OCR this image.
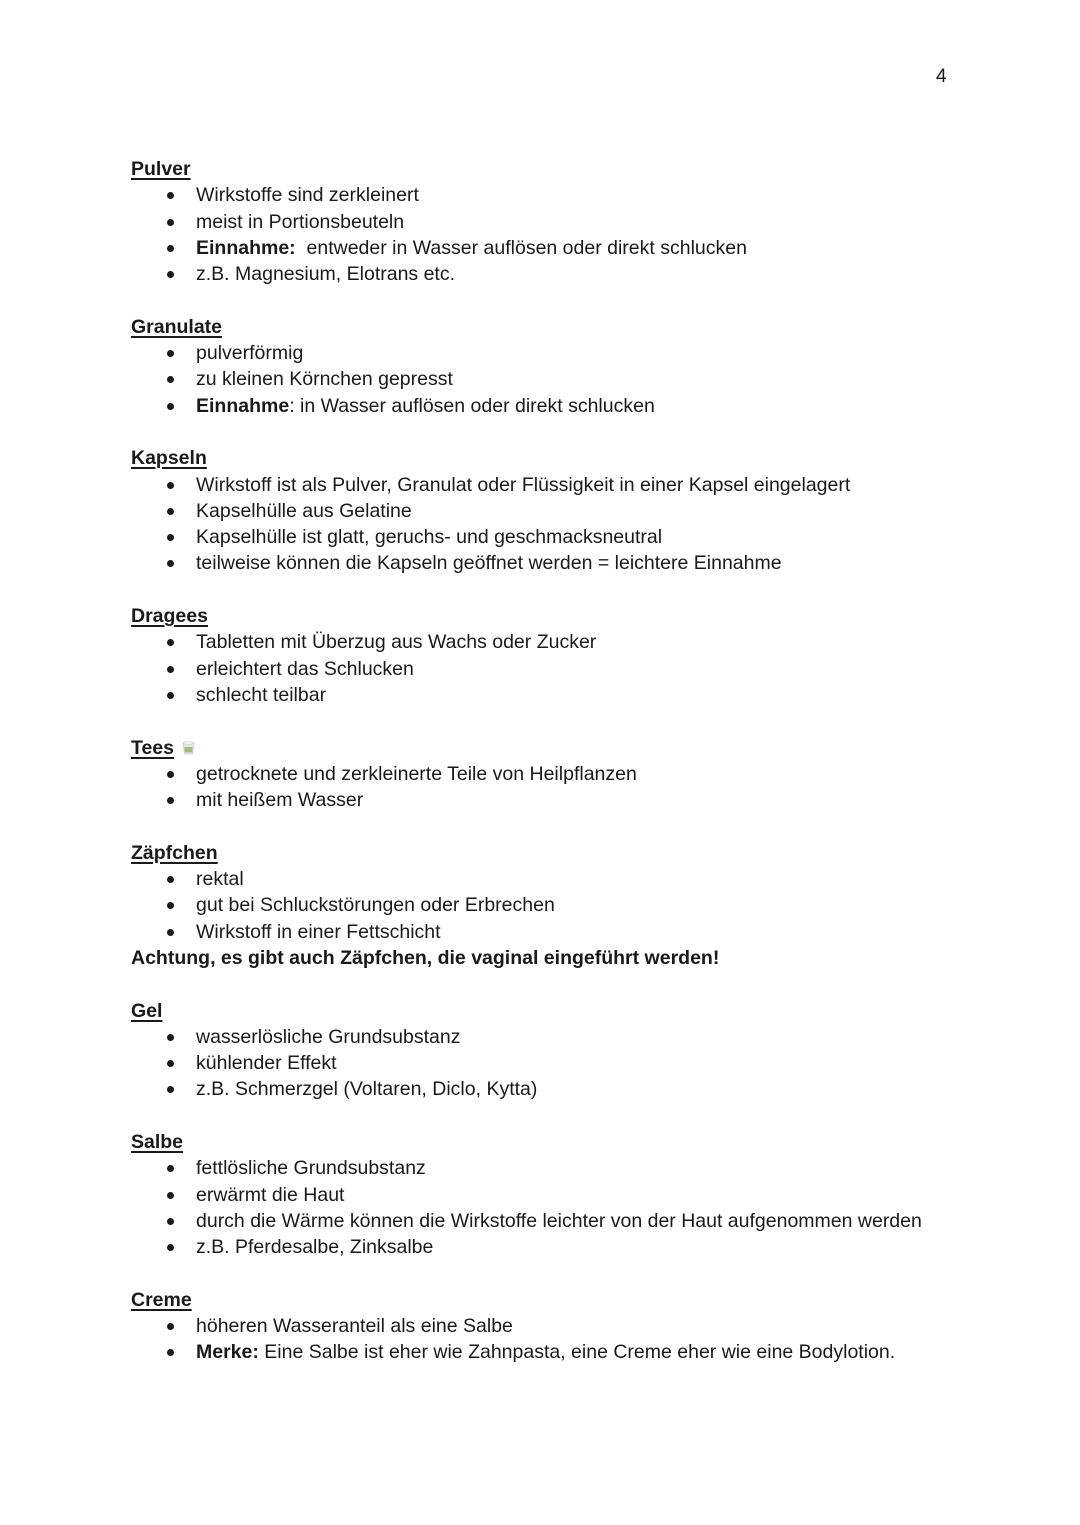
4
Pulver
Wirkstoffe sind zerkleinert
meist in Portionsbeuteln
Einnahme:  entweder in Wasser auflösen oder direkt schlucken
z.B. Magnesium, Elotrans etc.
Granulate
pulverförmig
zu kleinen Körnchen gepresst
Einnahme: in Wasser auflösen oder direkt schlucken
Kapseln
Wirkstoff ist als Pulver, Granulat oder Flüssigkeit in einer Kapsel eingelagert
Kapselhülle aus Gelatine
Kapselhülle ist glatt, geruchs- und geschmacksneutral
teilweise können die Kapseln geöffnet werden = leichtere Einnahme
Dragees
Tabletten mit Überzug aus Wachs oder Zucker
erleichtert das Schlucken
schlecht teilbar
Tees
getrocknete und zerkleinerte Teile von Heilpflanzen
mit heißem Wasser
Zäpfchen
rektal
gut bei Schluckstörungen oder Erbrechen
Wirkstoff in einer Fettschicht
Achtung, es gibt auch Zäpfchen, die vaginal eingeführt werden!
Gel
wasserlösliche Grundsubstanz
kühlender Effekt
z.B. Schmerzgel (Voltaren, Diclo, Kytta)
Salbe
fettlösliche Grundsubstanz
erwärmt die Haut
durch die Wärme können die Wirkstoffe leichter von der Haut aufgenommen werden
z.B. Pferdesalbe, Zinksalbe
Creme
höheren Wasseranteil als eine Salbe
Merke: Eine Salbe ist eher wie Zahnpasta, eine Creme eher wie eine Bodylotion.
